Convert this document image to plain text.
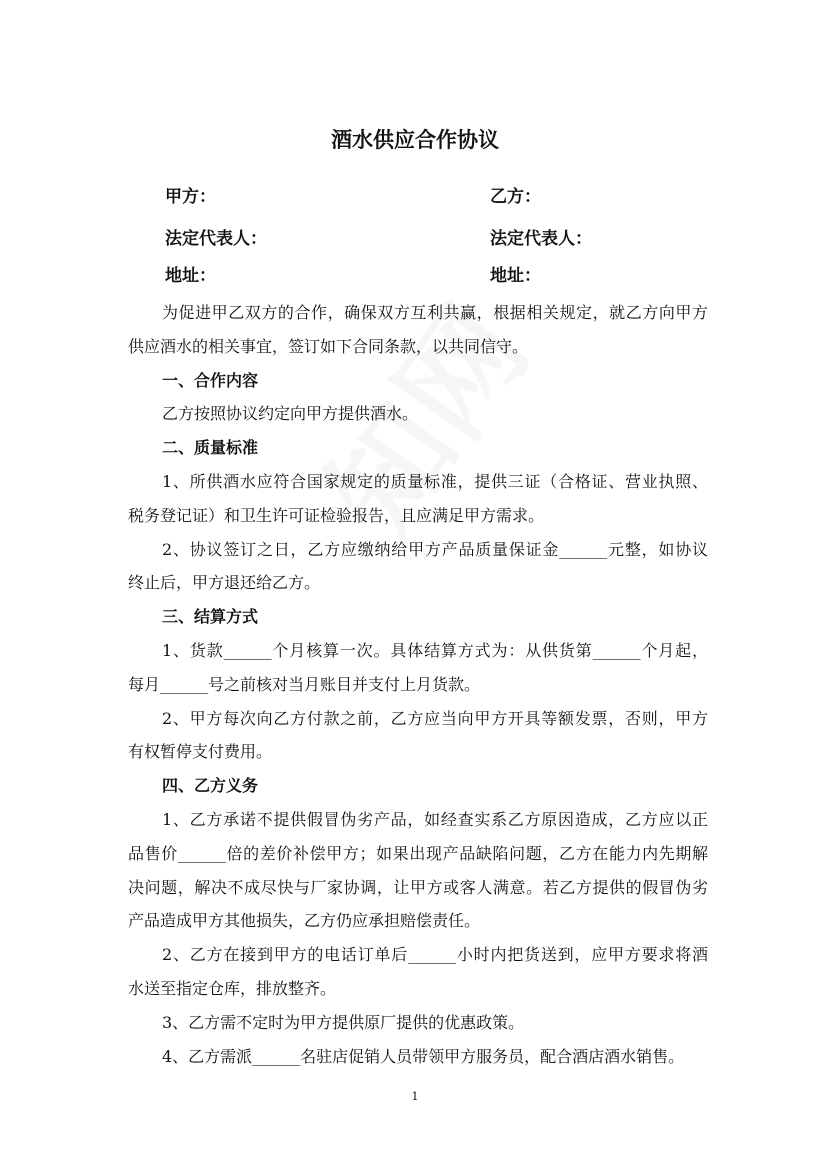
酒水供应合作协议
甲方：	乙方：
法定代表人：	法定代表人：
地址：	地址：
为促进甲乙双方的合作，确保双方互利共赢，根据相关规定，就乙方向甲方
供应酒水的相关事宜，签订如下合同条款，以共同信守。
一、合作内容
乙方按照协议约定向甲方提供酒水。
二、质量标准
1、所供酒水应符合国家规定的质量标准，提供三证（合格证、营业执照、
税务登记证）和卫生许可证检验报告，且应满足甲方需求。
2、协议签订之日，乙方应缴纳给甲方产品质量保证金______元整，如协议
终止后，甲方退还给乙方。
三、结算方式
1、货款______个月核算一次。具体结算方式为：从供货第______个月起，
每月______号之前核对当月账目并支付上月货款。
2、甲方每次向乙方付款之前，乙方应当向甲方开具等额发票，否则，甲方
有权暂停支付费用。
四、乙方义务
1、乙方承诺不提供假冒伪劣产品，如经查实系乙方原因造成，乙方应以正
品售价______倍的差价补偿甲方；如果出现产品缺陷问题，乙方在能力内先期解
决问题，解决不成尽快与厂家协调，让甲方或客人满意。若乙方提供的假冒伪劣
产品造成甲方其他损失，乙方仍应承担赔偿责任。
2、乙方在接到甲方的电话订单后______小时内把货送到，应甲方要求将酒
水送至指定仓库，排放整齐。
3、乙方需不定时为甲方提供原厂提供的优惠政策。
4、乙方需派______名驻店促销人员带领甲方服务员，配合酒店酒水销售。
1
